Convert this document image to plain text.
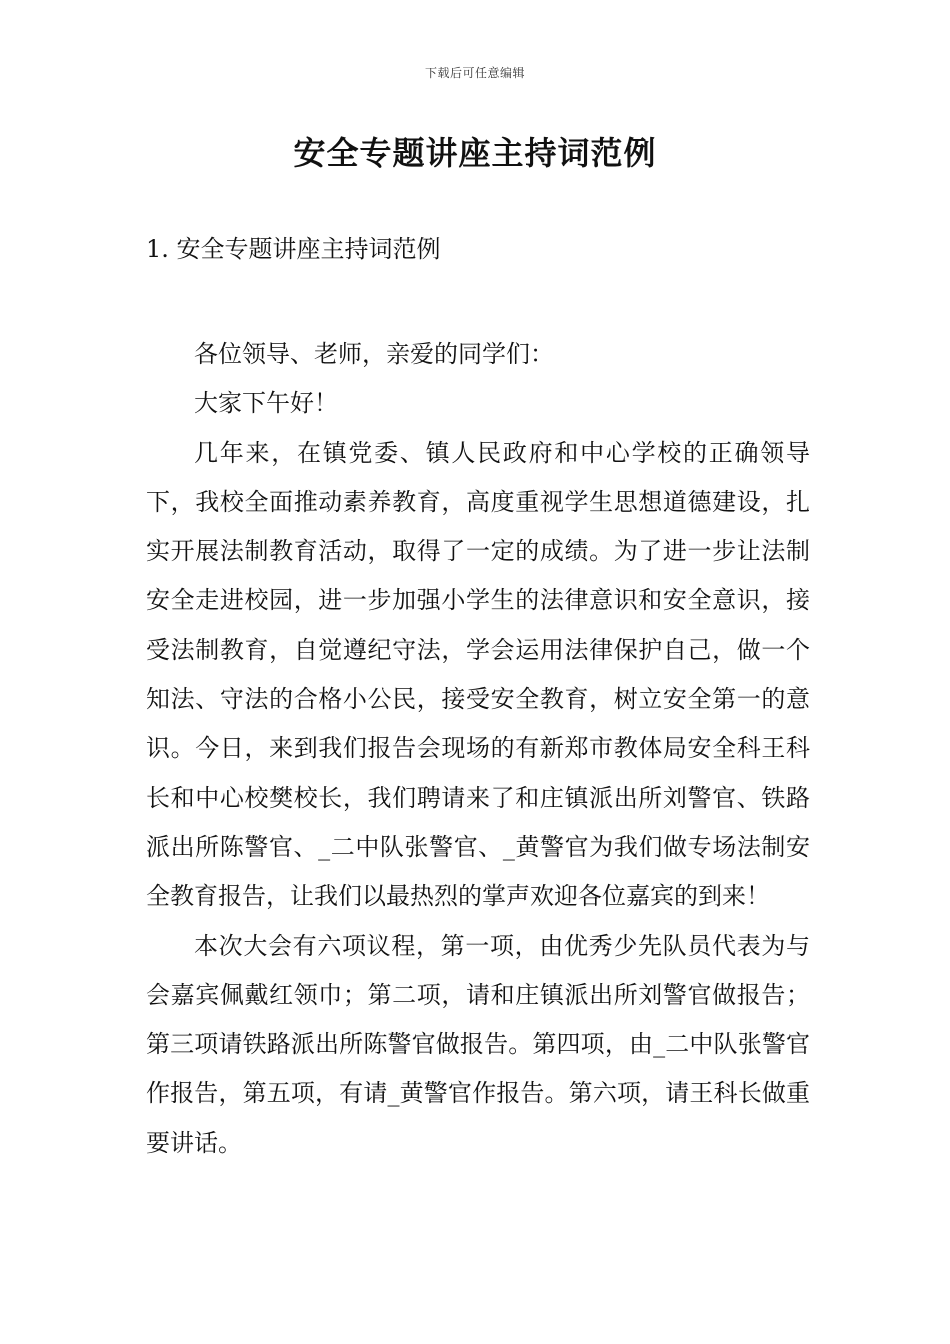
下载后可任意编辑
安全专题讲座主持词范例
1. 安全专题讲座主持词范例

各位领导、老师，亲爱的同学们：

大家下午好！

几年来，在镇党委、镇人民政府和中心学校的正确领导下，我校全面推动素养教育，高度重视学生思想道德建设，扎实开展法制教育活动，取得了一定的成绩。为了进一步让法制安全走进校园，进一步加强小学生的法律意识和安全意识，接受法制教育，自觉遵纪守法，学会运用法律保护自己，做一个知法、守法的合格小公民，接受安全教育，树立安全第一的意识。今日，来到我们报告会现场的有新郑市教体局安全科王科长和中心校樊校长，我们聘请来了和庄镇派出所刘警官、铁路派出所陈警官、_二中队张警官、_黄警官为我们做专场法制安全教育报告，让我们以最热烈的掌声欢迎各位嘉宾的到来！

本次大会有六项议程，第一项，由优秀少先队员代表为与会嘉宾佩戴红领巾；第二项，请和庄镇派出所刘警官做报告；第三项请铁路派出所陈警官做报告。第四项，由_二中队张警官作报告，第五项，有请_黄警官作报告。第六项，请王科长做重要讲话。
